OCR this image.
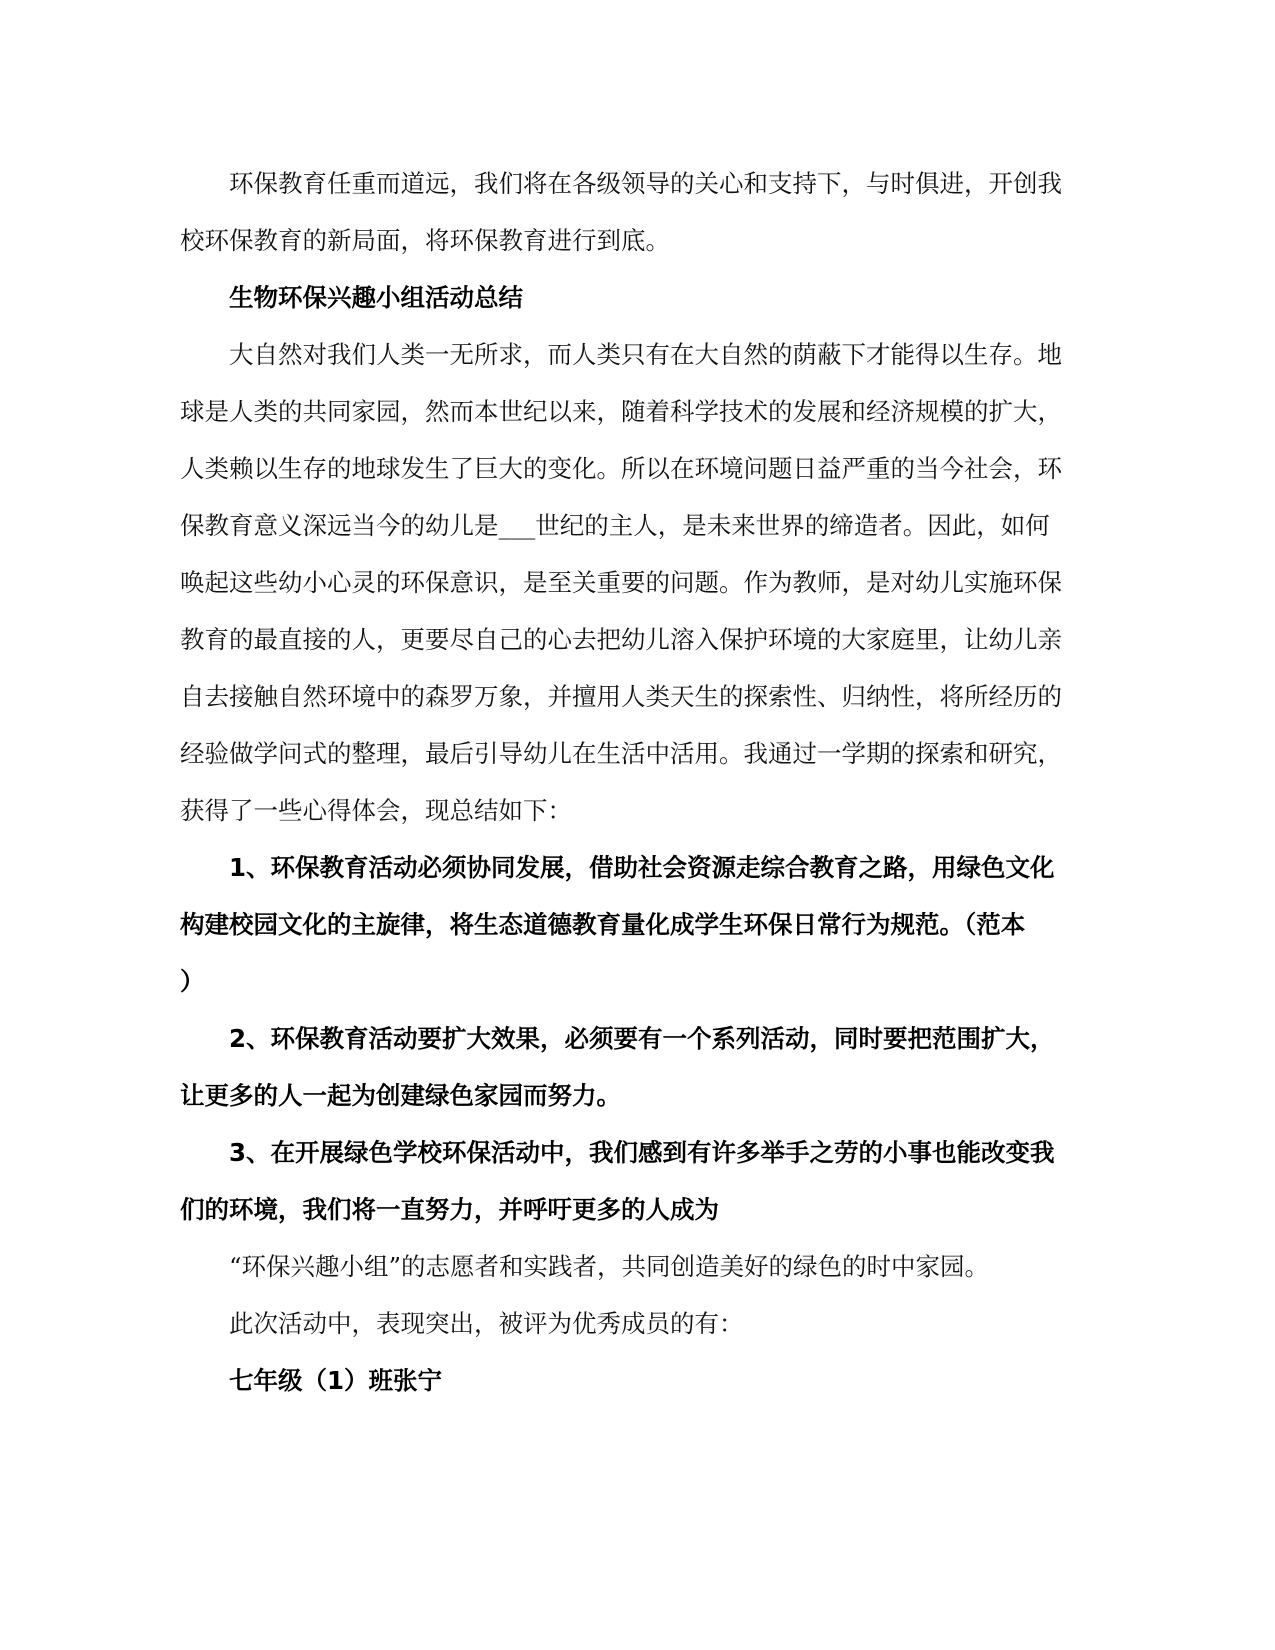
环保教育任重而道远，我们将在各级领导的关心和支持下，与时俱进，开创我
校环保教育的新局面，将环保教育进行到底。
生物环保兴趣小组活动总结
大自然对我们人类一无所求，而人类只有在大自然的荫蔽下才能得以生存。地
球是人类的共同家园，然而本世纪以来，随着科学技术的发展和经济规模的扩大，
人类赖以生存的地球发生了巨大的变化。所以在环境问题日益严重的当今社会，环
保教育意义深远当今的幼儿是___世纪的主人，是未来世界的缔造者。因此，如何
唤起这些幼小心灵的环保意识，是至关重要的问题。作为教师，是对幼儿实施环保
教育的最直接的人，更要尽自己的心去把幼儿溶入保护环境的大家庭里，让幼儿亲
自去接触自然环境中的森罗万象，并擅用人类天生的探索性、归纳性，将所经历的
经验做学问式的整理，最后引导幼儿在生活中活用。我通过一学期的探索和研究，
获得了一些心得体会，现总结如下：
1、环保教育活动必须协同发展，借助社会资源走综合教育之路，用绿色文化
构建校园文化的主旋律，将生态道德教育量化成学生环保日常行为规范。（范本
）
2、环保教育活动要扩大效果，必须要有一个系列活动，同时要把范围扩大，
让更多的人一起为创建绿色家园而努力。
3、在开展绿色学校环保活动中，我们感到有许多举手之劳的小事也能改变我
们的环境，我们将一直努力，并呼吁更多的人成为
“环保兴趣小组”的志愿者和实践者，共同创造美好的绿色的时中家园。
此次活动中，表现突出，被评为优秀成员的有：
七年级（1）班张宁
